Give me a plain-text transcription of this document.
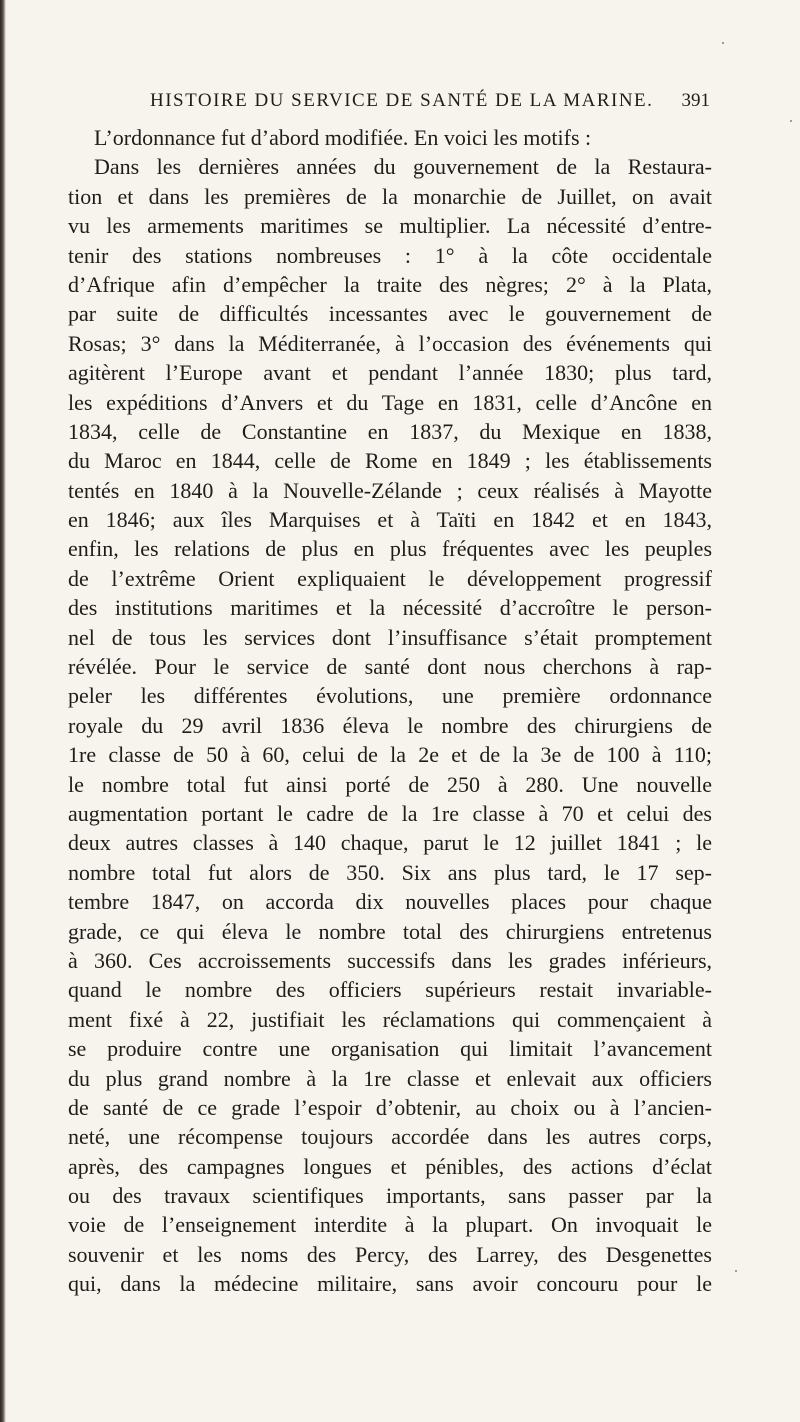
HISTOIRE DU SERVICE DE SANTÉ DE LA MARINE. 391
L’ordonnance fut d’abord modifiée. En voici les motifs :
Dans les dernières années du gouvernement de la Restaura-
tion et dans les premières de la monarchie de Juillet, on avait
vu les armements maritimes se multiplier. La nécessité d’entre-
tenir des stations nombreuses : 1° à la côte occidentale
d’Afrique afin d’empêcher la traite des nègres; 2° à la Plata,
par suite de difficultés incessantes avec le gouvernement de
Rosas; 3° dans la Méditerranée, à l’occasion des événements qui
agitèrent l’Europe avant et pendant l’année 1830; plus tard,
les expéditions d’Anvers et du Tage en 1831, celle d’Ancône en
1834, celle de Constantine en 1837, du Mexique en 1838,
du Maroc en 1844, celle de Rome en 1849 ; les établissements
tentés en 1840 à la Nouvelle-Zélande ; ceux réalisés à Mayotte
en 1846; aux îles Marquises et à Taïti en 1842 et en 1843,
enfin, les relations de plus en plus fréquentes avec les peuples
de l’extrême Orient expliquaient le développement progressif
des institutions maritimes et la nécessité d’accroître le person-
nel de tous les services dont l’insuffisance s’était promptement
révélée. Pour le service de santé dont nous cherchons à rap-
peler les différentes évolutions, une première ordonnance
royale du 29 avril 1836 éleva le nombre des chirurgiens de
1re classe de 50 à 60, celui de la 2e et de la 3e de 100 à 110;
le nombre total fut ainsi porté de 250 à 280. Une nouvelle
augmentation portant le cadre de la 1re classe à 70 et celui des
deux autres classes à 140 chaque, parut le 12 juillet 1841 ; le
nombre total fut alors de 350. Six ans plus tard, le 17 sep-
tembre 1847, on accorda dix nouvelles places pour chaque
grade, ce qui éleva le nombre total des chirurgiens entretenus
à 360. Ces accroissements successifs dans les grades inférieurs,
quand le nombre des officiers supérieurs restait invariable-
ment fixé à 22, justifiait les réclamations qui commençaient à
se produire contre une organisation qui limitait l’avancement
du plus grand nombre à la 1re classe et enlevait aux officiers
de santé de ce grade l’espoir d’obtenir, au choix ou à l’ancien-
neté, une récompense toujours accordée dans les autres corps,
après, des campagnes longues et pénibles, des actions d’éclat
ou des travaux scientifiques importants, sans passer par la
voie de l’enseignement interdite à la plupart. On invoquait le
souvenir et les noms des Percy, des Larrey, des Desgenettes
qui, dans la médecine militaire, sans avoir concouru pour le
